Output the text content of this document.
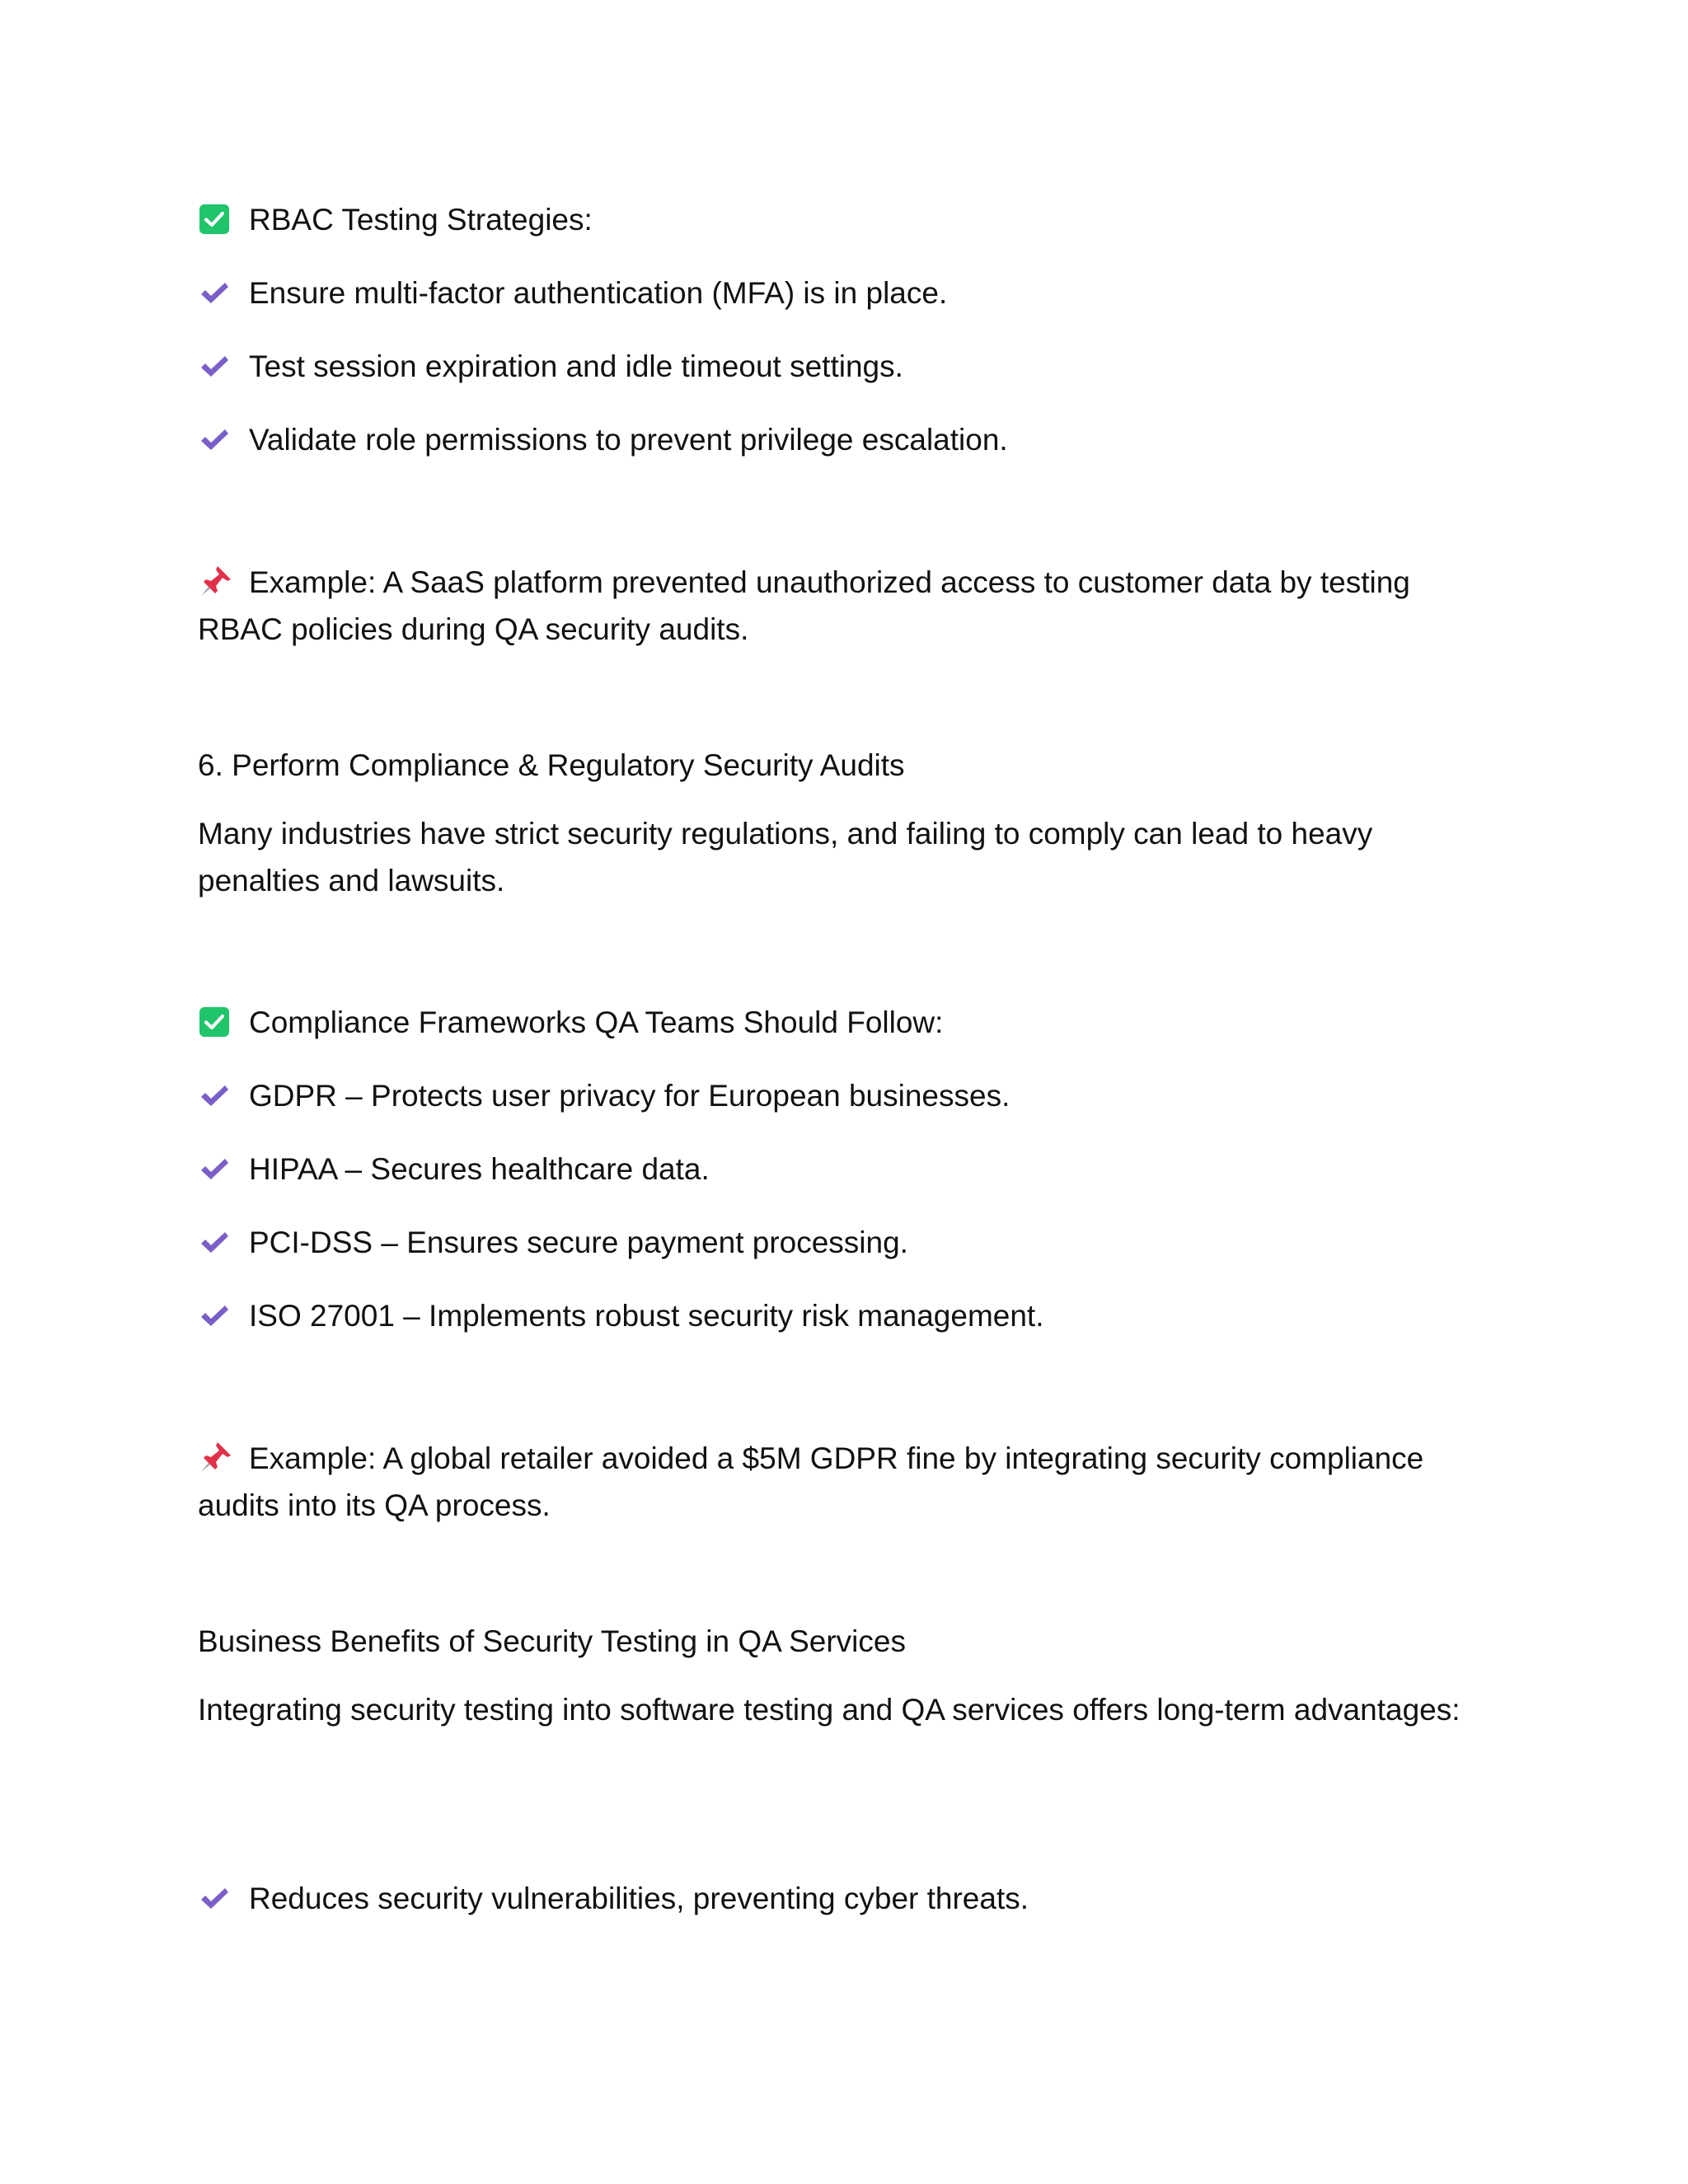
RBAC Testing Strategies:
Ensure multi-factor authentication (MFA) is in place.
Test session expiration and idle timeout settings.
Validate role permissions to prevent privilege escalation.
Example: A SaaS platform prevented unauthorized access to customer data by testing RBAC policies during QA security audits.
6. Perform Compliance & Regulatory Security Audits
Many industries have strict security regulations, and failing to comply can lead to heavy penalties and lawsuits.
Compliance Frameworks QA Teams Should Follow:
GDPR – Protects user privacy for European businesses.
HIPAA – Secures healthcare data.
PCI-DSS – Ensures secure payment processing.
ISO 27001 – Implements robust security risk management.
Example: A global retailer avoided a $5M GDPR fine by integrating security compliance audits into its QA process.
Business Benefits of Security Testing in QA Services
Integrating security testing into software testing and QA services offers long-term advantages:
Reduces security vulnerabilities, preventing cyber threats.
